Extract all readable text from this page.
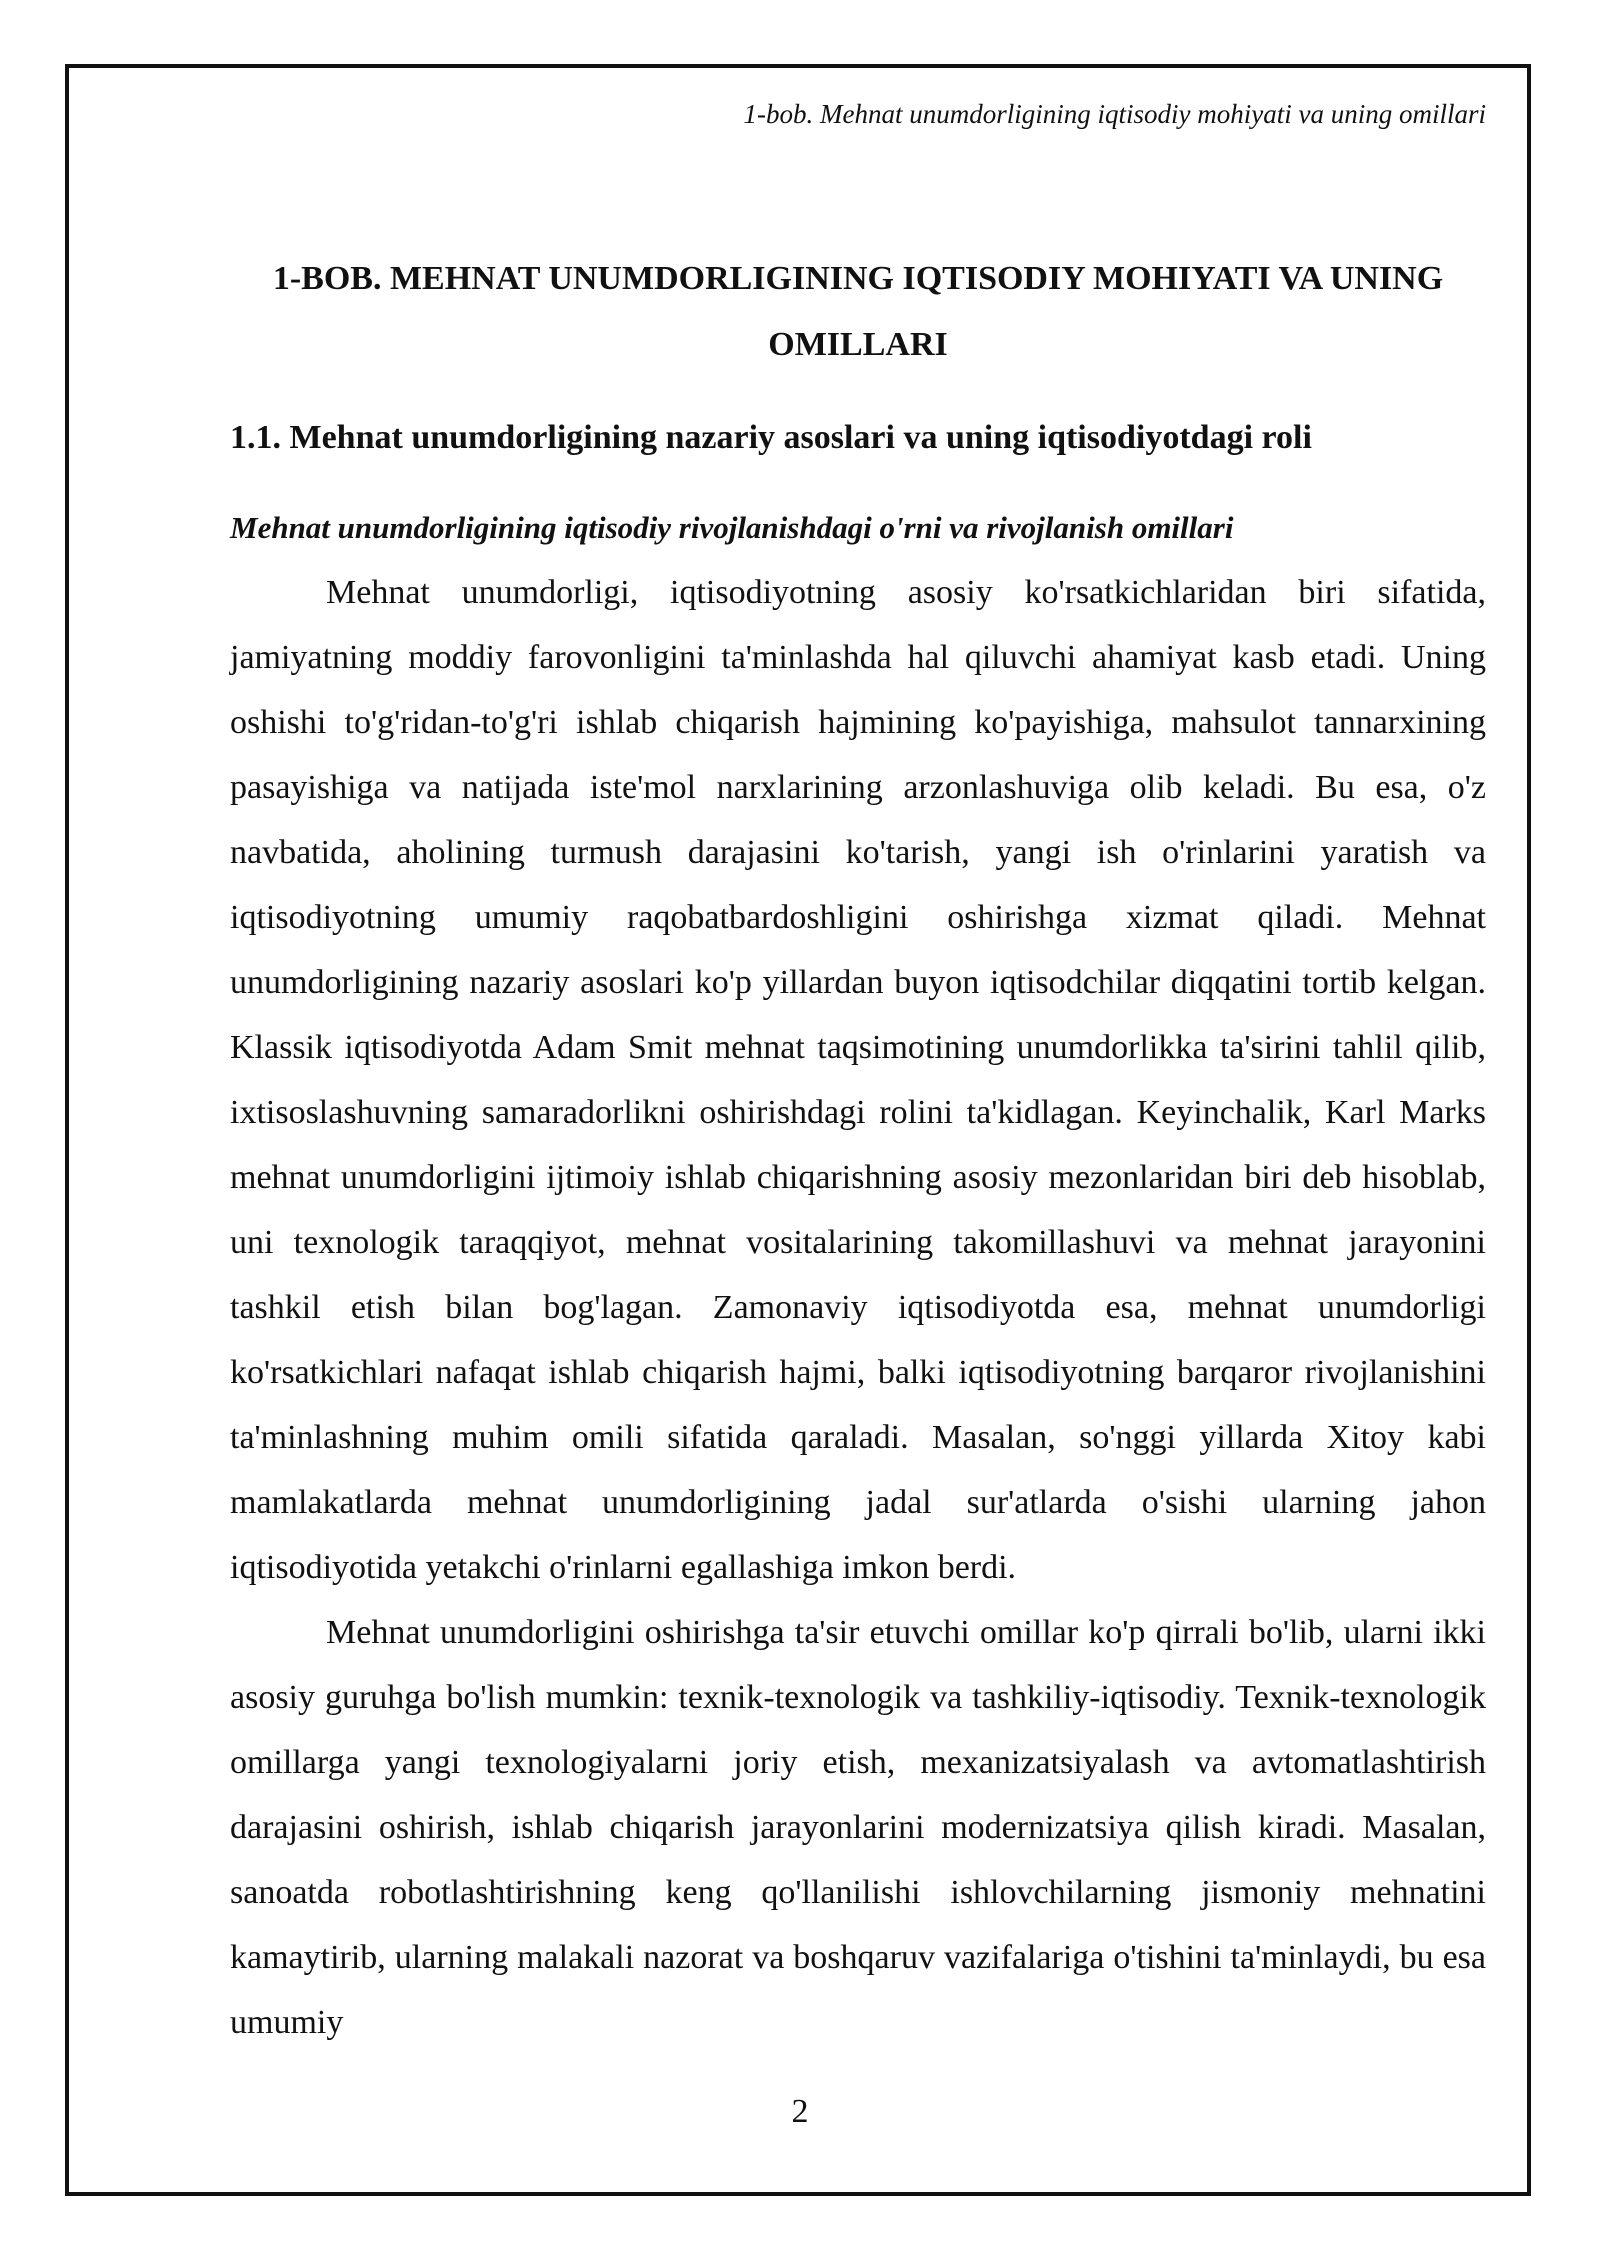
1-bob. Mehnat unumdorligining iqtisodiy mohiyati va uning omillari

1-BOB. MEHNAT UNUMDORLIGINING IQTISODIY MOHIYATI VA UNING OMILLARI
1.1. Mehnat unumdorligining nazariy asoslari va uning iqtisodiyotdagi roli
Mehnat unumdorligining iqtisodiy rivojlanishdagi o'rni va rivojlanish omillari

Mehnat unumdorligi, iqtisodiyotning asosiy ko'rsatkichlaridan biri sifatida, jamiyatning moddiy farovonligini ta'minlashda hal qiluvchi ahamiyat kasb etadi. Uning oshishi to'g'ridan-to'g'ri ishlab chiqarish hajmining ko'payishiga, mahsulot tannarxining pasayishiga va natijada iste'mol narxlarining arzonlashuviga olib keladi. Bu esa, o'z navbatida, aholining turmush darajasini ko'tarish, yangi ish o'rinlarini yaratish va iqtisodiyotning umumiy raqobatbardoshligini oshirishga xizmat qiladi. Mehnat unumdorligining nazariy asoslari ko'p yillardan buyon iqtisodchilar diqqatini tortib kelgan. Klassik iqtisodiyotda Adam Smit mehnat taqsimotining unumdorlikka ta'sirini tahlil qilib, ixtisoslashuvning samaradorlikni oshirishdagi rolini ta'kidlagan. Keyinchalik, Karl Marks mehnat unumdorligini ijtimoiy ishlab chiqarishning asosiy mezonlaridan biri deb hisoblab, uni texnologik taraqqiyot, mehnat vositalarining takomillashuvi va mehnat jarayonini tashkil etish bilan bog'lagan. Zamonaviy iqtisodiyotda esa, mehnat unumdorligi ko'rsatkichlari nafaqat ishlab chiqarish hajmi, balki iqtisodiyotning barqaror rivojlanishini ta'minlashning muhim omili sifatida qaraladi. Masalan, so'nggi yillarda Xitoy kabi mamlakatlarda mehnat unumdorligining jadal sur'atlarda o'sishi ularning jahon iqtisodiyotida yetakchi o'rinlarni egallashiga imkon berdi.

Mehnat unumdorligini oshirishga ta'sir etuvchi omillar ko'p qirrali bo'lib, ularni ikki asosiy guruhga bo'lish mumkin: texnik-texnologik va tashkiliy-iqtisodiy. Texnik-texnologik omillarga yangi texnologiyalarni joriy etish, mexanizatsiyalash va avtomatlashtirish darajasini oshirish, ishlab chiqarish jarayonlarini modernizatsiya qilish kiradi. Masalan, sanoatda robotlashtirishning keng qo'llanilishi ishlovchilarning jismoniy mehnatini kamaytirib, ularning malakali nazorat va boshqaruv vazifalariga o'tishini ta'minlaydi, bu esa umumiy

2
